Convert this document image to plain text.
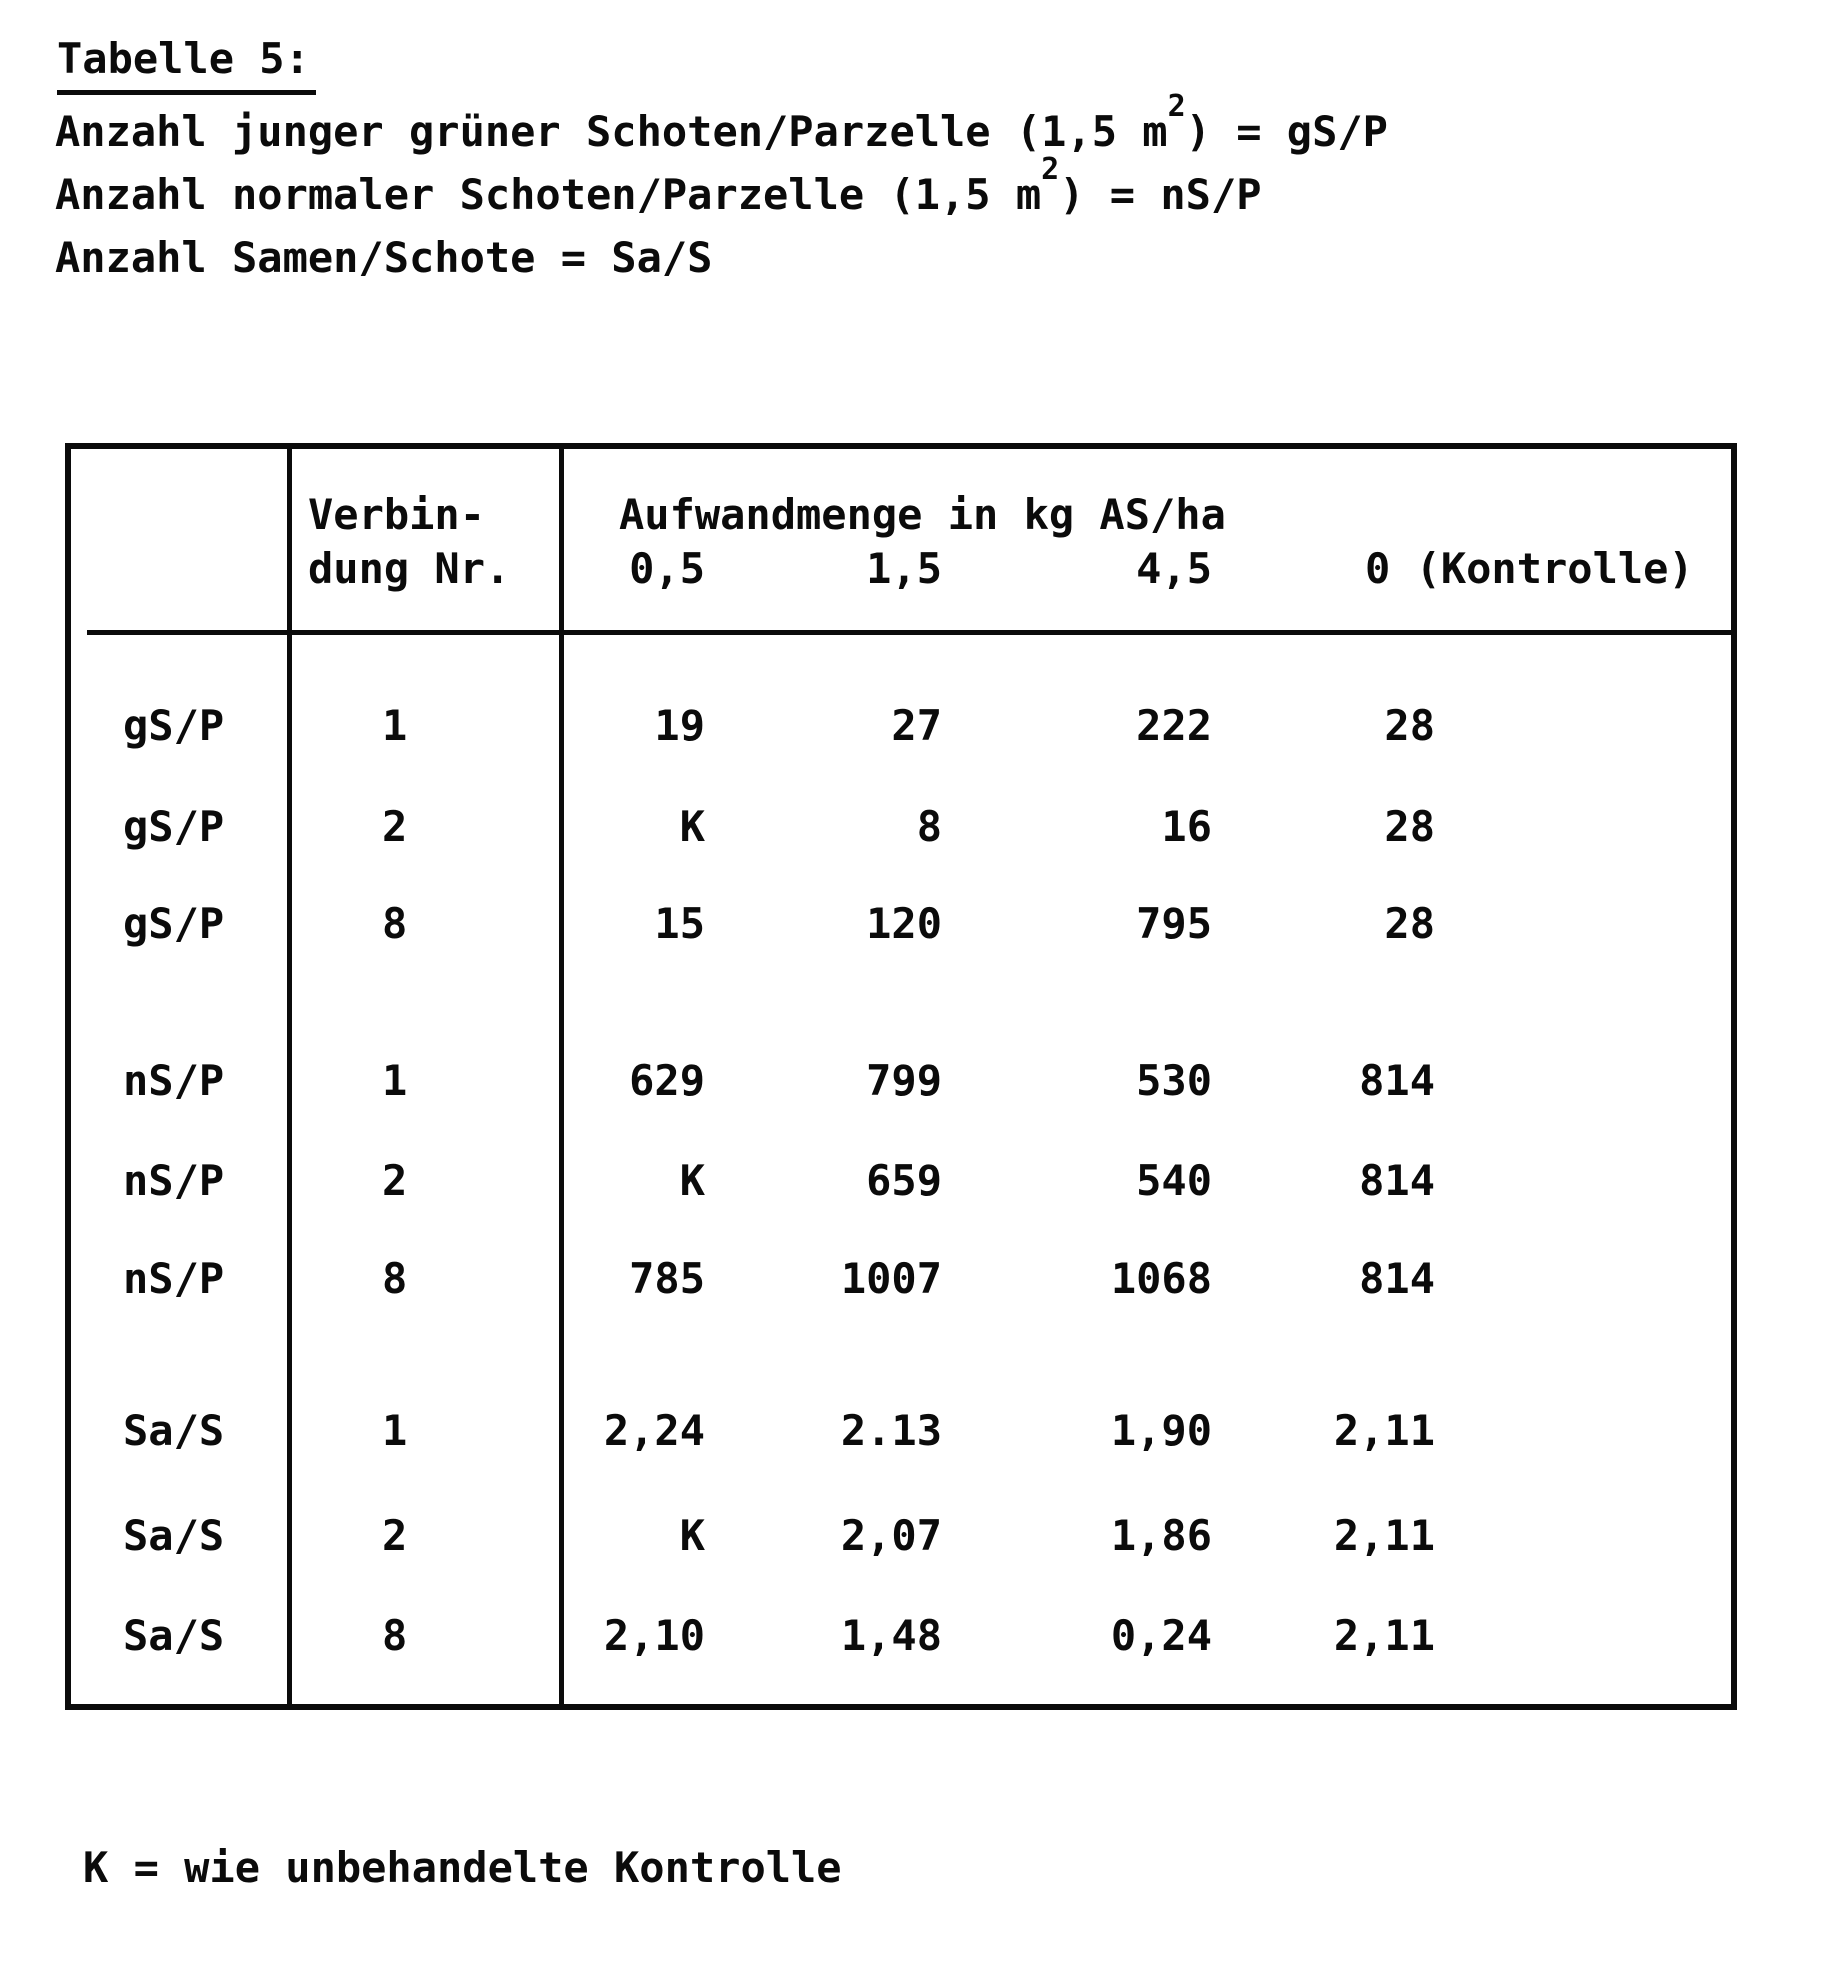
Tabelle 5:

Anzahl junger grüner Schoten/Parzelle (1,5 $m^2) = gS/P$

Anzahl normaler Schoten/Parzelle (1,5 $m^2) = nS/P$

Anzahl Samen/Schote = Sa/S

Verbin-	Aufwandmenge in kg AS/ha
dung Nr.	0,5	1,5	4,5	0 (Kontrolle)
gS/P	1	19	27	222	28
gS/P	2	K	8	16	28
gS/P	8	15	120	795	28
nS/P	1	629	799	530	814
nS/P	2	K	659	540	814
nS/P	8	785	1007	1068	814
Sa/S	1	2,24	2.13	1,90	2,11
Sa/S	2	K	2,07	1,86	2,11
Sa/S	8	2,10	1,48	0,24	2,11
K = wie unbehandelte Kontrolle
